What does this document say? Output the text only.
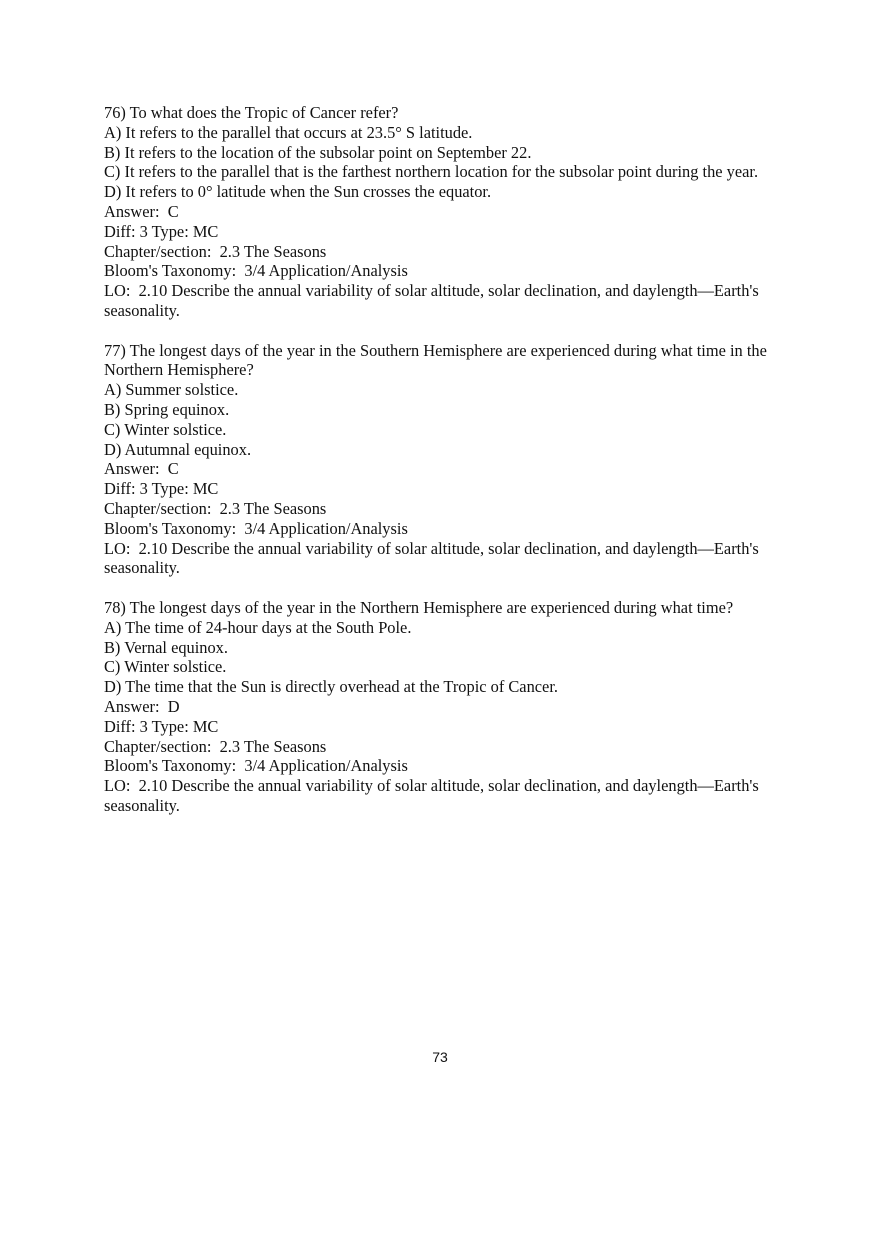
76) To what does the Tropic of Cancer refer?
A) It refers to the parallel that occurs at 23.5° S latitude.
B) It refers to the location of the subsolar point on September 22.
C) It refers to the parallel that is the farthest northern location for the subsolar point during the year.
D) It refers to 0° latitude when the Sun crosses the equator.
Answer:  C
Diff: 3 Type: MC
Chapter/section:  2.3 The Seasons
Bloom's Taxonomy:  3/4 Application/Analysis
LO:  2.10 Describe the annual variability of solar altitude, solar declination, and daylength—Earth's seasonality.
77) The longest days of the year in the Southern Hemisphere are experienced during what time in the Northern Hemisphere?
A) Summer solstice.
B) Spring equinox.
C) Winter solstice.
D) Autumnal equinox.
Answer:  C
Diff: 3 Type: MC
Chapter/section:  2.3 The Seasons
Bloom's Taxonomy:  3/4 Application/Analysis
LO:  2.10 Describe the annual variability of solar altitude, solar declination, and daylength—Earth's seasonality.
78) The longest days of the year in the Northern Hemisphere are experienced during what time?
A) The time of 24-hour days at the South Pole.
B) Vernal equinox.
C) Winter solstice.
D) The time that the Sun is directly overhead at the Tropic of Cancer.
Answer:  D
Diff: 3 Type: MC
Chapter/section:  2.3 The Seasons
Bloom's Taxonomy:  3/4 Application/Analysis
LO:  2.10 Describe the annual variability of solar altitude, solar declination, and daylength—Earth's seasonality.
73
